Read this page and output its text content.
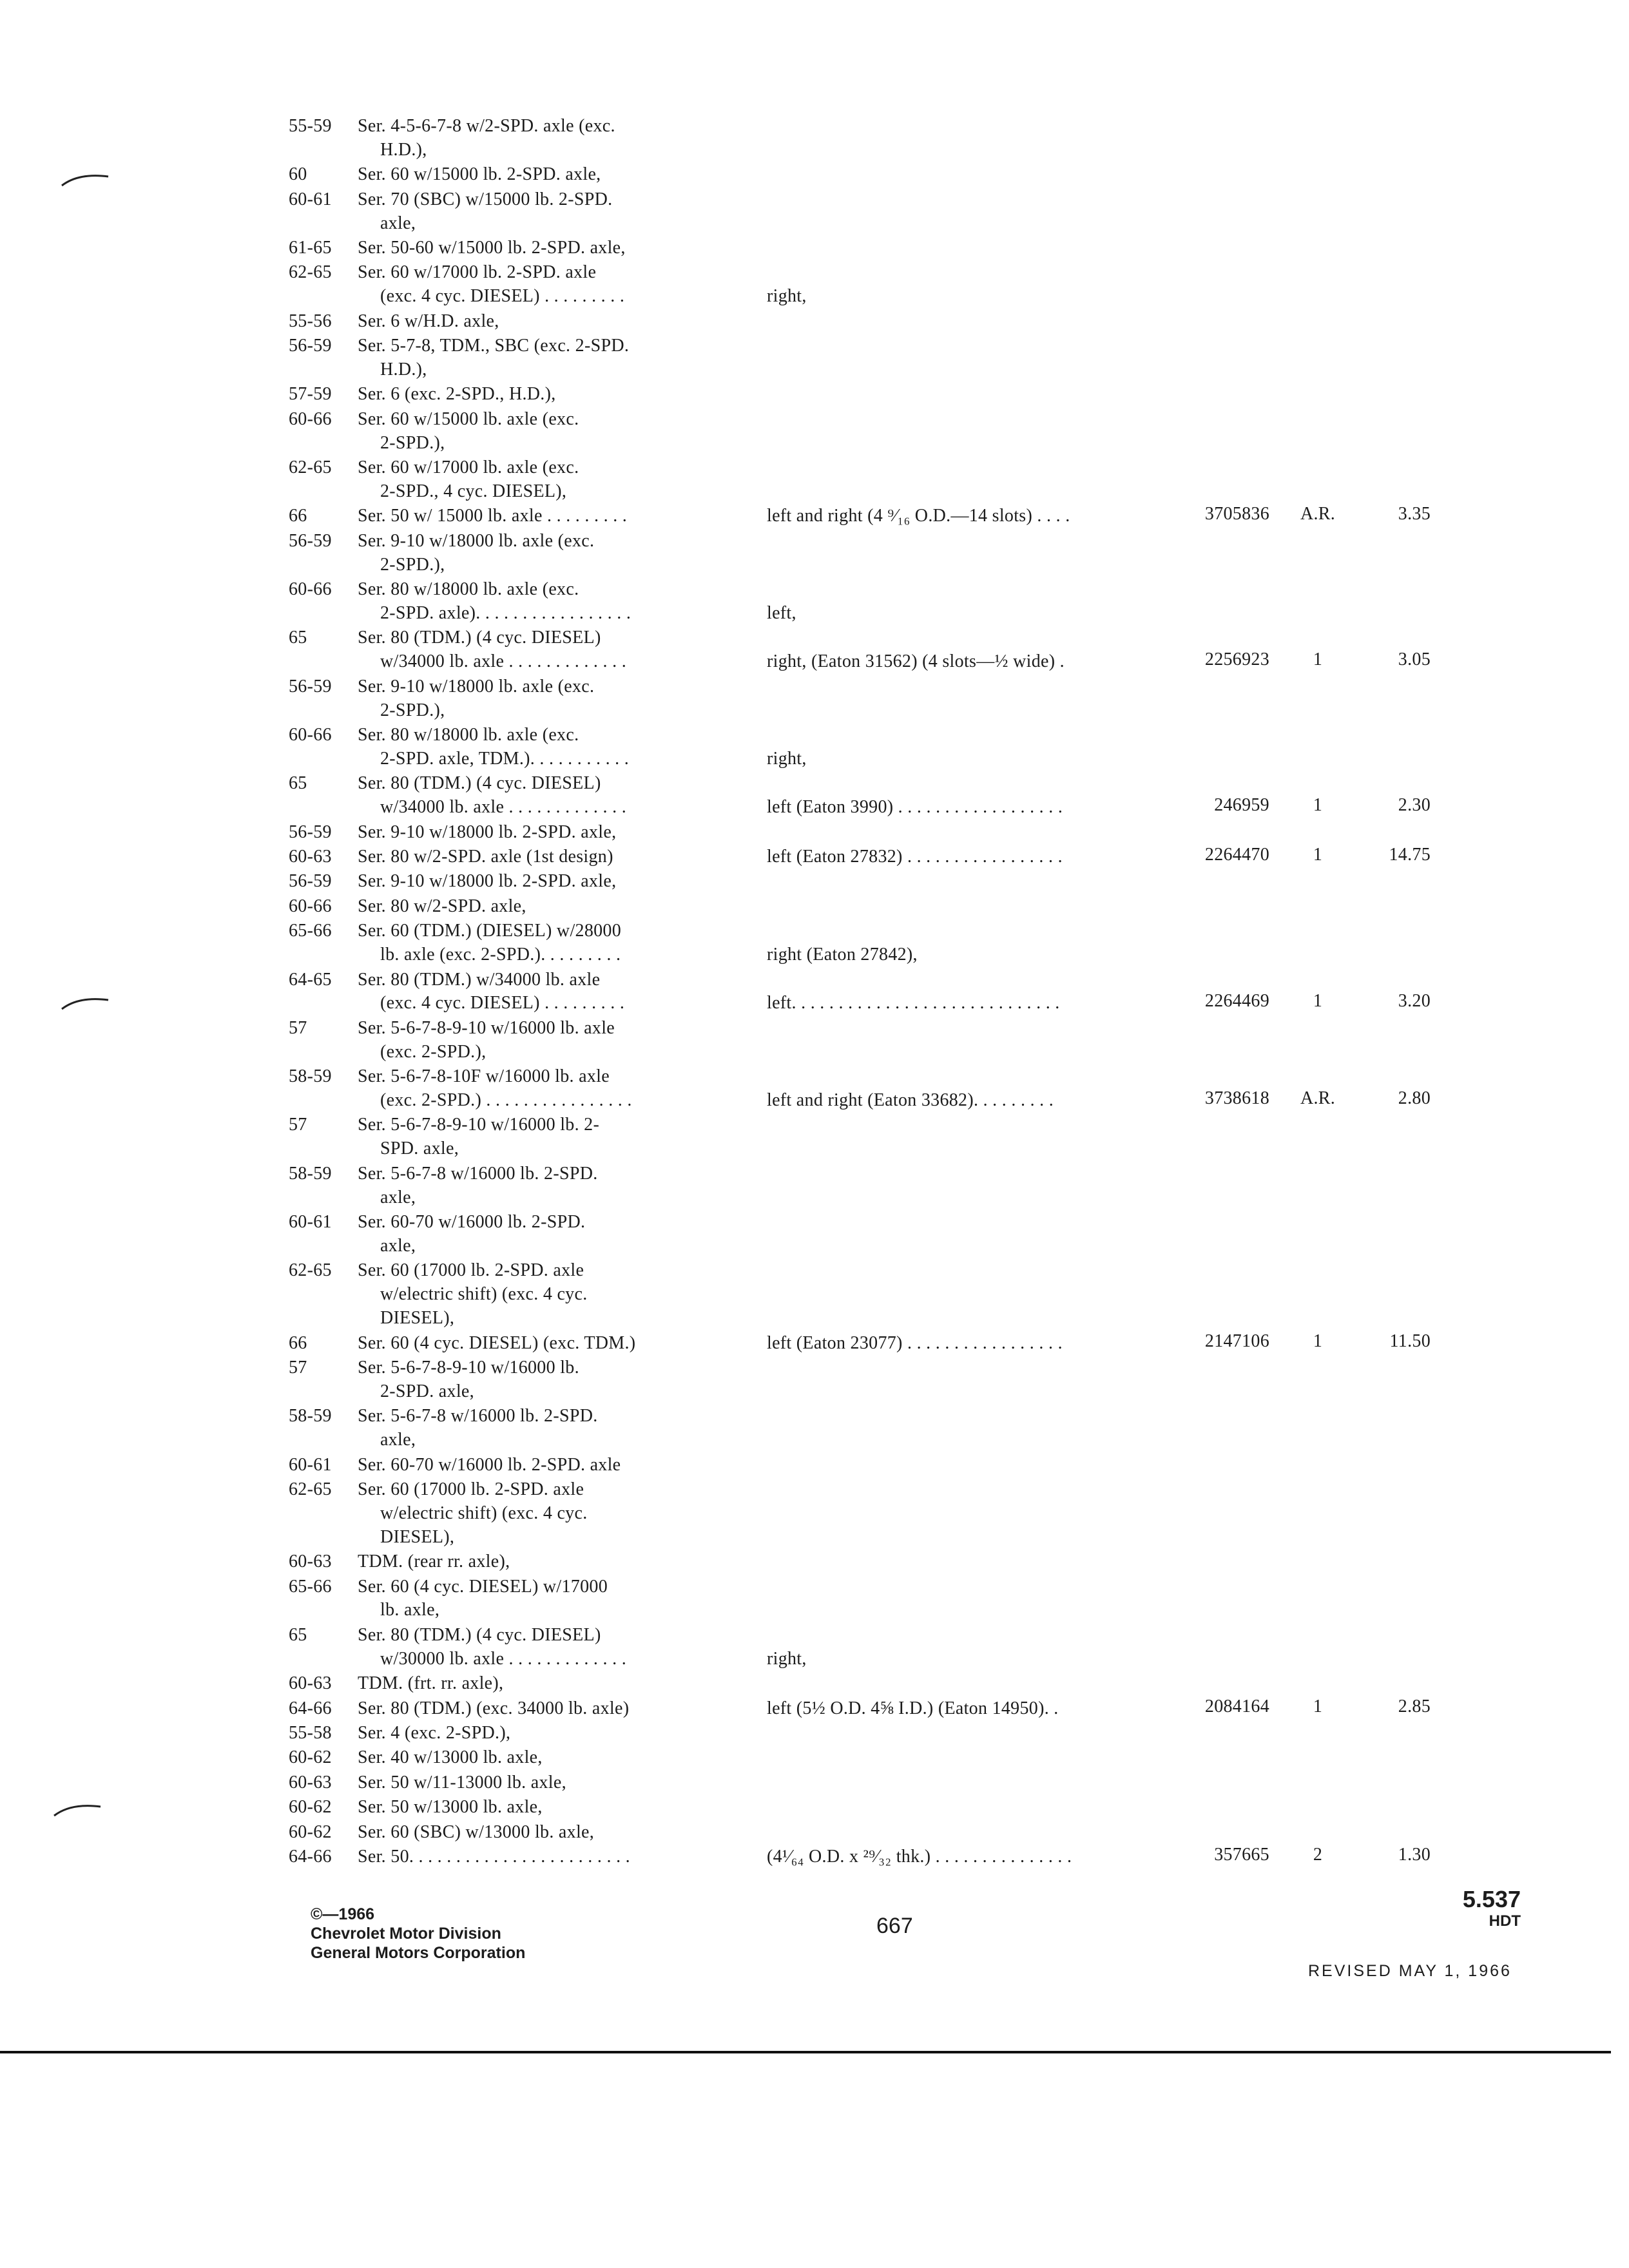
55-59 Ser. 4-5-6-7-8 w/2-SPD. axle (exc.
H.D.),
60	Ser. 60 w/15000 lb. 2-SPD. axle,
60-61 Ser. 70 (SBC) w/15000 lb. 2-SPD.
axle,
61-65 Ser. 50-60 w/15000 lb. 2-SPD. axle,
62-65 Ser. 60 w/17000 lb. 2-SPD. axle
(exc. 4 cyc. DIESEL) . . . . . . . . .	right,
55-56 Ser. 6 w/H.D. axle,
56-59 Ser. 5-7-8, TDM., SBC (exc. 2-SPD.
H.D.),
57-59 Ser. 6 (exc. 2-SPD., H.D.),
60-66 Ser. 60 w/15000 lb. axle (exc.
2-SPD.),
62-65 Ser. 60 w/17000 lb. axle (exc.
2-SPD., 4 cyc. DIESEL),
66	Ser. 50 w/ 15000 lb. axle . . . . . . . . .	left and right (4 ⁹⁄₁₆ O.D.—14 slots) . . . .	3705836	A.R.	3.35
56-59 Ser. 9-10 w/18000 lb. axle (exc.
2-SPD.),
60-66 Ser. 80 w/18000 lb. axle (exc.
2-SPD. axle). . . . . . . . . . . . . . . . .	left,
65	Ser. 80 (TDM.) (4 cyc. DIESEL)
w/34000 lb. axle . . . . . . . . . . . . .	right, (Eaton 31562) (4 slots—½ wide) .	2256923	1	3.05
56-59 Ser. 9-10 w/18000 lb. axle (exc.
2-SPD.),
60-66 Ser. 80 w/18000 lb. axle (exc.
2-SPD. axle, TDM.). . . . . . . . . . .	right,
65	Ser. 80 (TDM.) (4 cyc. DIESEL)
w/34000 lb. axle . . . . . . . . . . . . .	left (Eaton 3990) . . . . . . . . . . . . . . . . . .	246959	1	2.30
56-59 Ser. 9-10 w/18000 lb. 2-SPD. axle,
60-63 Ser. 80 w/2-SPD. axle (1st design)	left (Eaton 27832) . . . . . . . . . . . . . . . . .	2264470	1	14.75
56-59 Ser. 9-10 w/18000 lb. 2-SPD. axle,
60-66 Ser. 80 w/2-SPD. axle,
65-66 Ser. 60 (TDM.) (DIESEL) w/28000
lb. axle (exc. 2-SPD.). . . . . . . . .	right (Eaton 27842),
64-65 Ser. 80 (TDM.) w/34000 lb. axle
(exc. 4 cyc. DIESEL) . . . . . . . . .	left. . . . . . . . . . . . . . . . . . . . . . . . . . . . .	2264469	1	3.20
57	Ser. 5-6-7-8-9-10 w/16000 lb. axle
(exc. 2-SPD.),
58-59 Ser. 5-6-7-8-10F w/16000 lb. axle
(exc. 2-SPD.) . . . . . . . . . . . . . . . .	left and right (Eaton 33682). . . . . . . . .	3738618	A.R.	2.80
57	Ser. 5-6-7-8-9-10 w/16000 lb. 2-
SPD. axle,
58-59 Ser. 5-6-7-8 w/16000 lb. 2-SPD.
axle,
60-61 Ser. 60-70 w/16000 lb. 2-SPD.
axle,
62-65 Ser. 60 (17000 lb. 2-SPD. axle
w/electric shift) (exc. 4 cyc.
DIESEL),
66	Ser. 60 (4 cyc. DIESEL) (exc. TDM.)	left (Eaton 23077) . . . . . . . . . . . . . . . . .	2147106	1	11.50
57	Ser. 5-6-7-8-9-10 w/16000 lb.
2-SPD. axle,
58-59 Ser. 5-6-7-8 w/16000 lb. 2-SPD.
axle,
60-61 Ser. 60-70 w/16000 lb. 2-SPD. axle
62-65 Ser. 60 (17000 lb. 2-SPD. axle
w/electric shift) (exc. 4 cyc.
DIESEL),
60-63 TDM. (rear rr. axle),
65-66 Ser. 60 (4 cyc. DIESEL) w/17000
lb. axle,
65	Ser. 80 (TDM.) (4 cyc. DIESEL)
w/30000 lb. axle . . . . . . . . . . . . .	right,
60-63 TDM. (frt. rr. axle),
64-66 Ser. 80 (TDM.) (exc. 34000 lb. axle)	left (5½ O.D. 4⅝ I.D.) (Eaton 14950). .	2084164	1	2.85
55-58 Ser. 4 (exc. 2-SPD.),
60-62 Ser. 40 w/13000 lb. axle,
60-63 Ser. 50 w/11-13000 lb. axle,
60-62 Ser. 50 w/13000 lb. axle,
60-62 Ser. 60 (SBC) w/13000 lb. axle,
64-66 Ser. 50. . . . . . . . . . . . . . . . . . . . . . . .	(4¹⁄₆₄ O.D. x ²⁹⁄₃₂ thk.) . . . . . . . . . . . . . . .	357665	2	1.30
©—1966
Chevrolet Motor Division
General Motors Corporation
667
5.537
HDT
REVISED MAY 1, 1966
